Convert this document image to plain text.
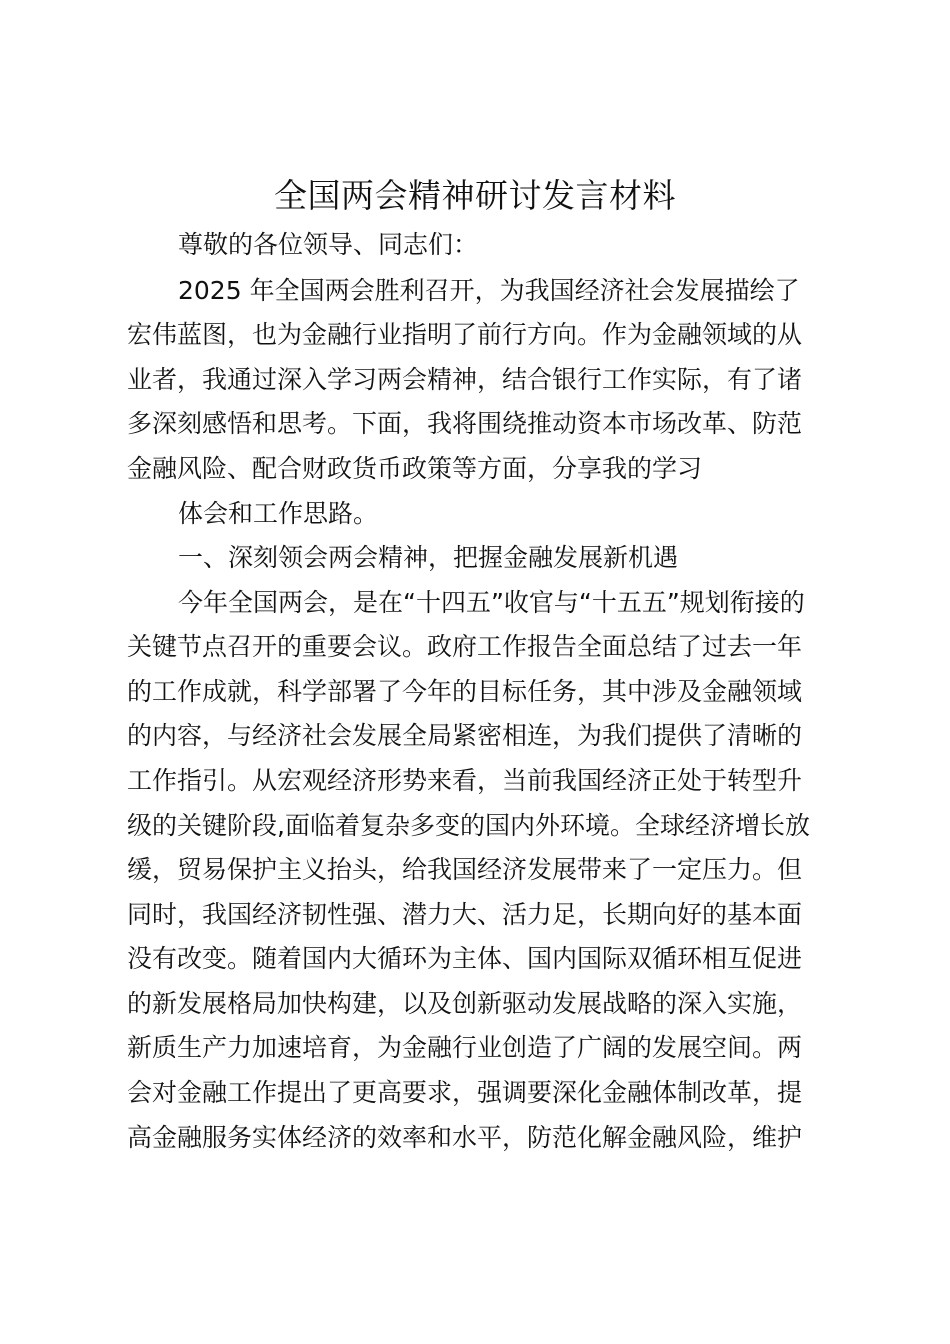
全国两会精神研讨发言材料
尊敬的各位领导、同志们：
2025 年全国两会胜利召开，为我国经济社会发展描绘了
宏伟蓝图，也为金融行业指明了前行方向。作为金融领域的从
业者，我通过深入学习两会精神，结合银行工作实际，有了诸
多深刻感悟和思考。下面，我将围绕推动资本市场改革、防范
金融风险、配合财政货币政策等方面，分享我的学习
体会和工作思路。
一、深刻领会两会精神，把握金融发展新机遇
今年全国两会，是在“十四五”收官与“十五五”规划衔接的
关键节点召开的重要会议。政府工作报告全面总结了过去一年
的工作成就，科学部署了今年的目标任务，其中涉及金融领域
的内容，与经济社会发展全局紧密相连，为我们提供了清晰的
工作指引。从宏观经济形势来看，当前我国经济正处于转型升
级的关键阶段,面临着复杂多变的国内外环境。全球经济增长放
缓，贸易保护主义抬头，给我国经济发展带来了一定压力。但
同时，我国经济韧性强、潜力大、活力足，长期向好的基本面
没有改变。随着国内大循环为主体、国内国际双循环相互促进
的新发展格局加快构建，以及创新驱动发展战略的深入实施，
新质生产力加速培育，为金融行业创造了广阔的发展空间。两
会对金融工作提出了更高要求，强调要深化金融体制改革，提
高金融服务实体经济的效率和水平，防范化解金融风险，维护
